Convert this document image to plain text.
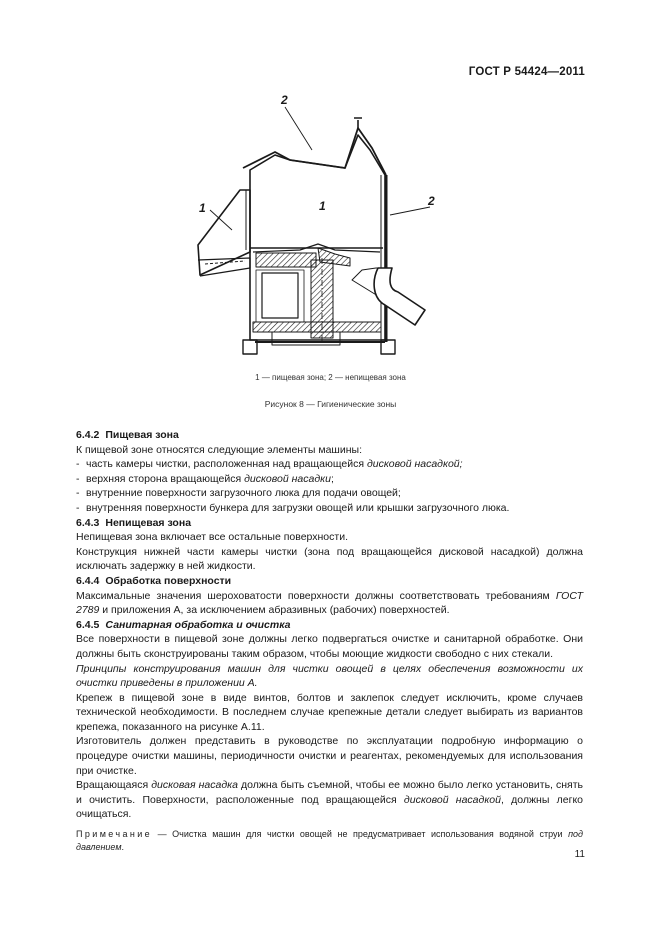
ГОСТ Р 54424—2011
2
1	1	2
1 — пищевая зона; 2 — непищевая зона
Рисунок 8 — Гигиенические зоны

6.4.2 Пищевая зона

К пищевой зоне относятся следующие элементы машины:

- часть камеры чистки, расположенная над вращающейся дисковой насадкой;

- верхняя сторона вращающейся дисковой насадки;

- внутренние поверхности загрузочного люка для подачи овощей;

- внутренняя поверхности бункера для загрузки овощей или крышки загрузочного люка.

6.4.3 Непищевая зона

Непищевая зона включает все остальные поверхности.

Конструкция нижней части камеры чистки (зона под вращающейся дисковой насадкой) должна исключать задержку в ней жидкости.

6.4.4 Обработка поверхности

Максимальные значения шероховатости поверхности должны соответствовать требованиям ГОСТ 2789 и приложения А, за исключением абразивных (рабочих) поверхностей.

6.4.5 Санитарная обработка и очистка

Все поверхности в пищевой зоне должны легко подвергаться очистке и санитарной обработке. Они должны быть сконструированы таким образом, чтобы моющие жидкости свободно с них стекали.

Принципы конструирования машин для чистки овощей в целях обеспечения возможности их очистки приведены в приложении А.

Крепеж в пищевой зоне в виде винтов, болтов и заклепок следует исключить, кроме случаев технической необходимости. В последнем случае крепежные детали следует выбирать из вариантов крепежа, показанного на рисунке А.11.

Изготовитель должен представить в руководстве по эксплуатации подробную информацию о процедуре очистки машины, периодичности очистки и реагентах, рекомендуемых для использования при очистке.

Вращающаяся дисковая насадка должна быть съемной, чтобы ее можно было легко установить, снять и очистить. Поверхности, расположенные под вращающейся дисковой насадкой, должны легко очищаться.

Примечание — Очистка машин для чистки овощей не предусматривает использования водяной струи под давлением.

11
